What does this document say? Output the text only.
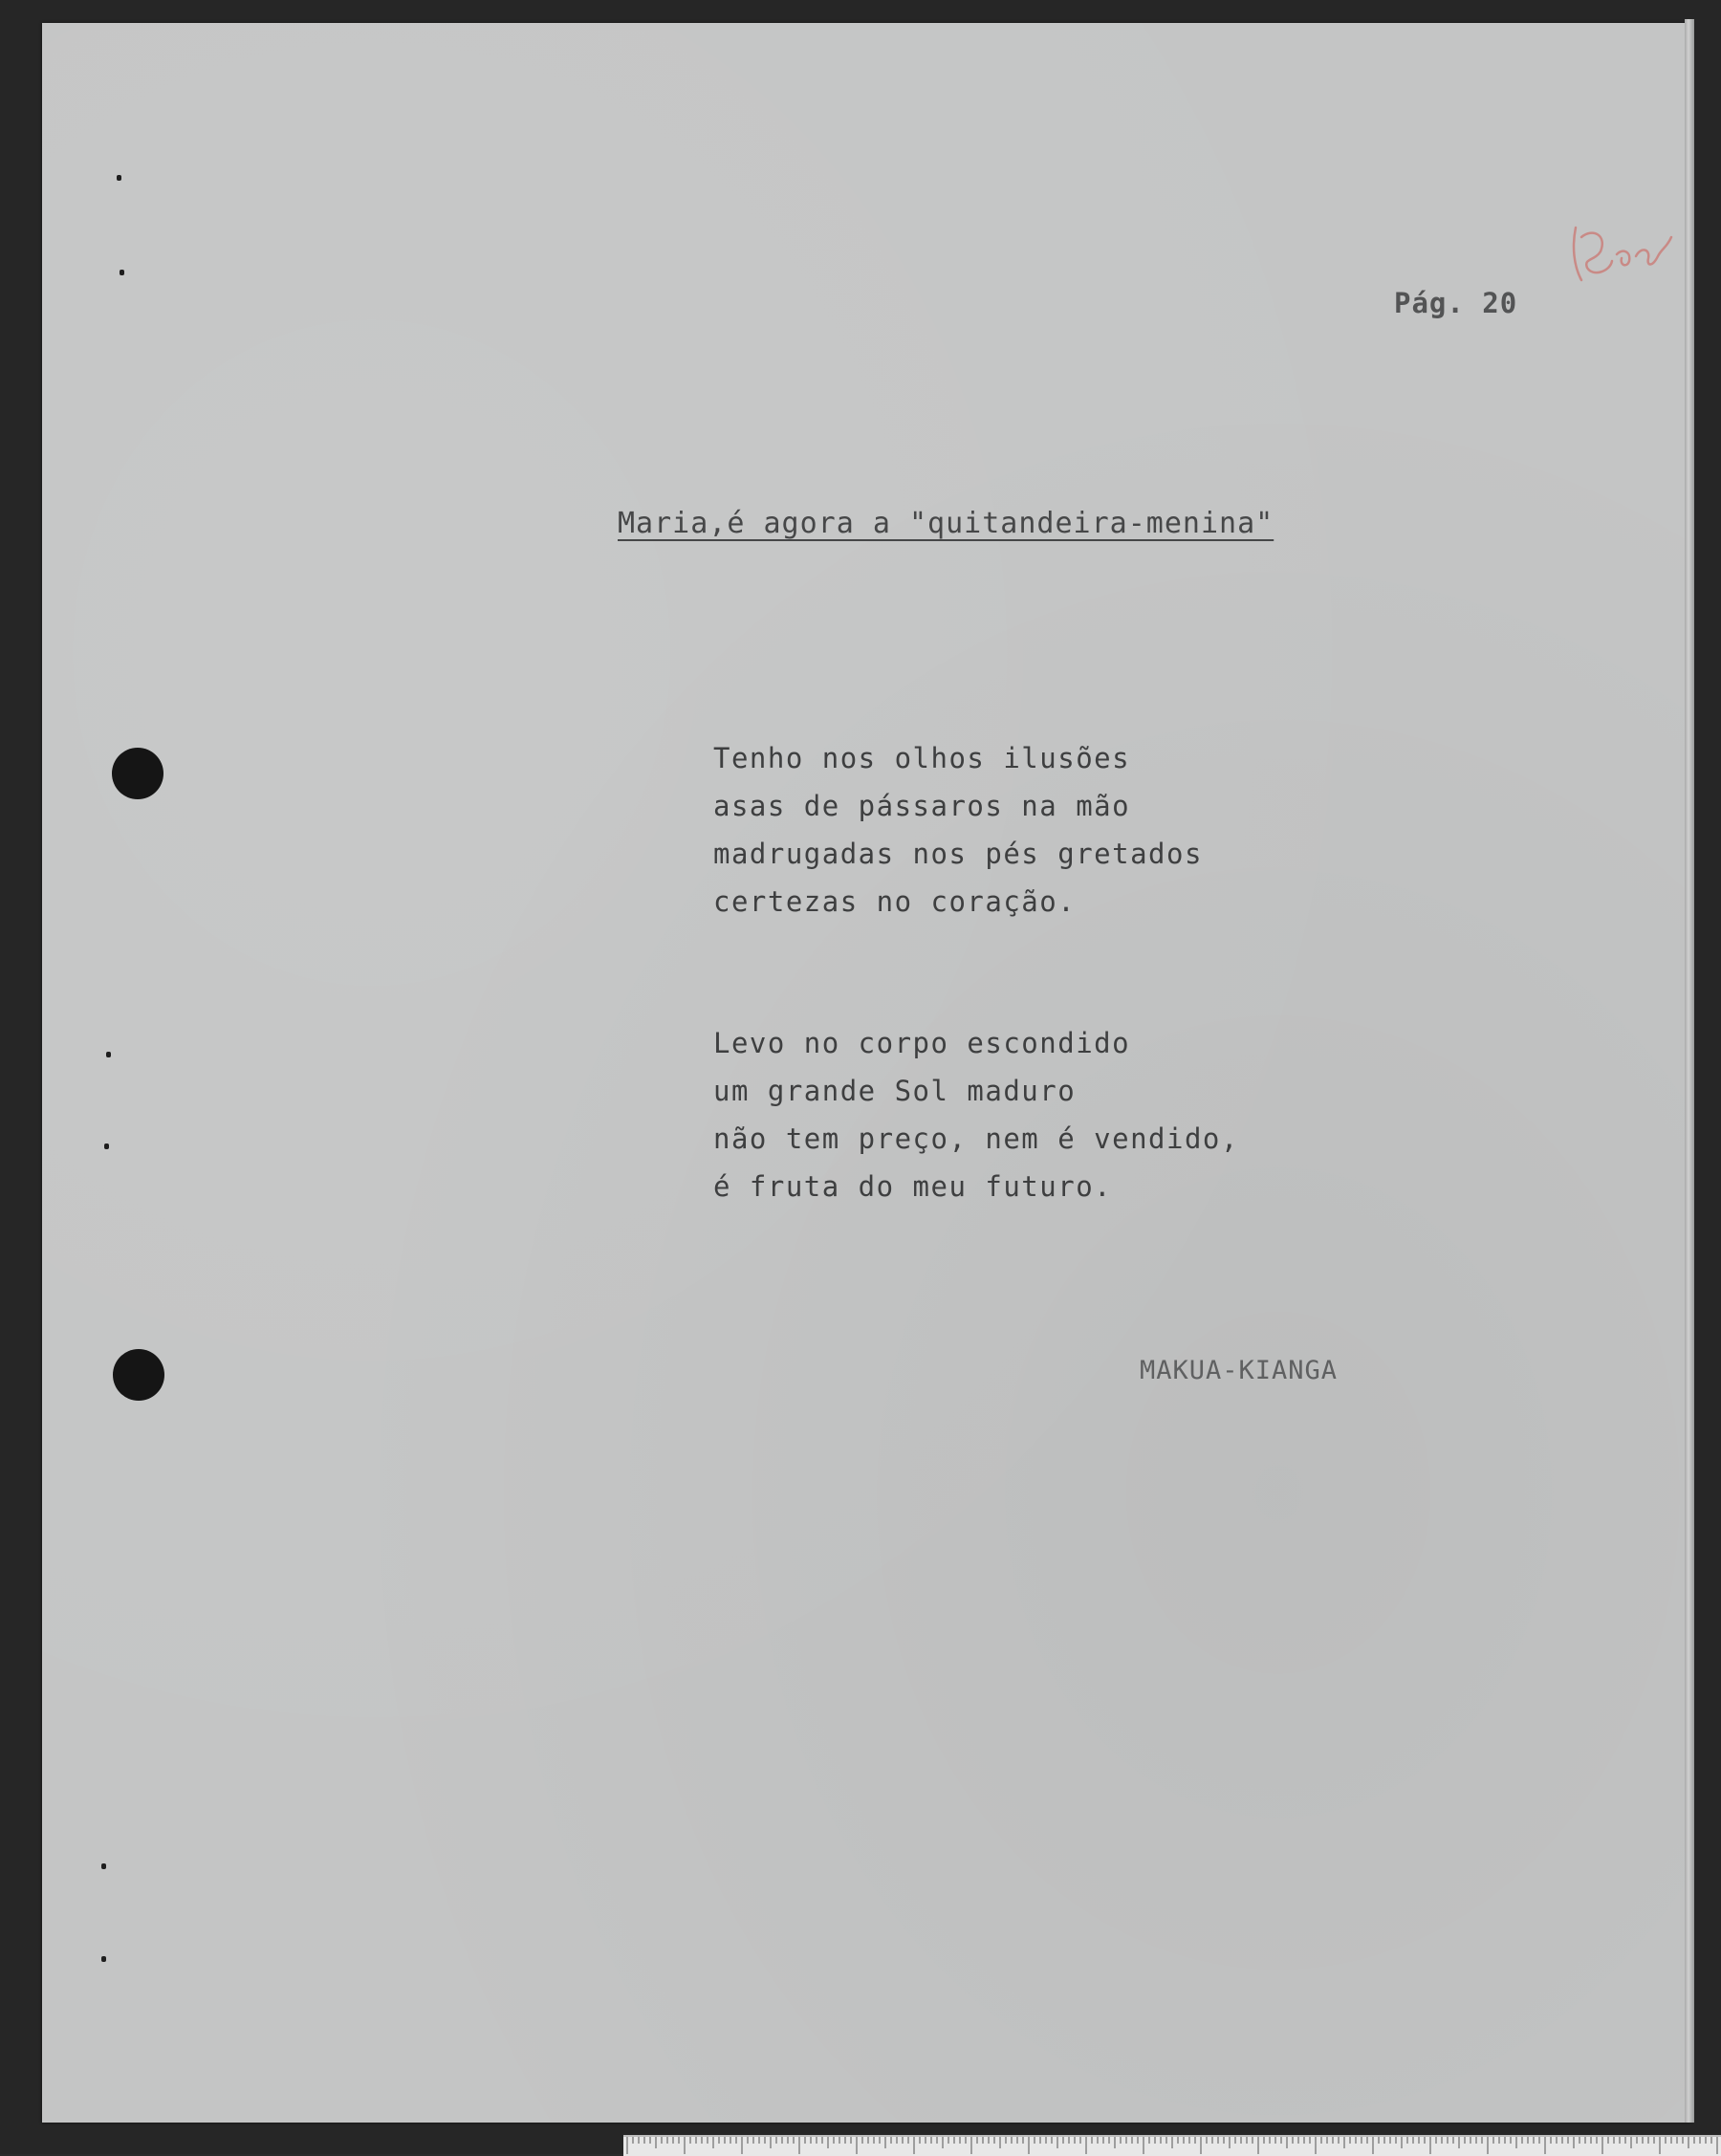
Pág. 20
Maria,é agora a "quitandeira-menina"
Tenho nos olhos ilusões
asas de pássaros na mão
madrugadas nos pés gretados
certezas no coração.
Levo no corpo escondido
um grande Sol maduro
não tem preço, nem é vendido,
é fruta do meu futuro.
MAKUA-KIANGA
